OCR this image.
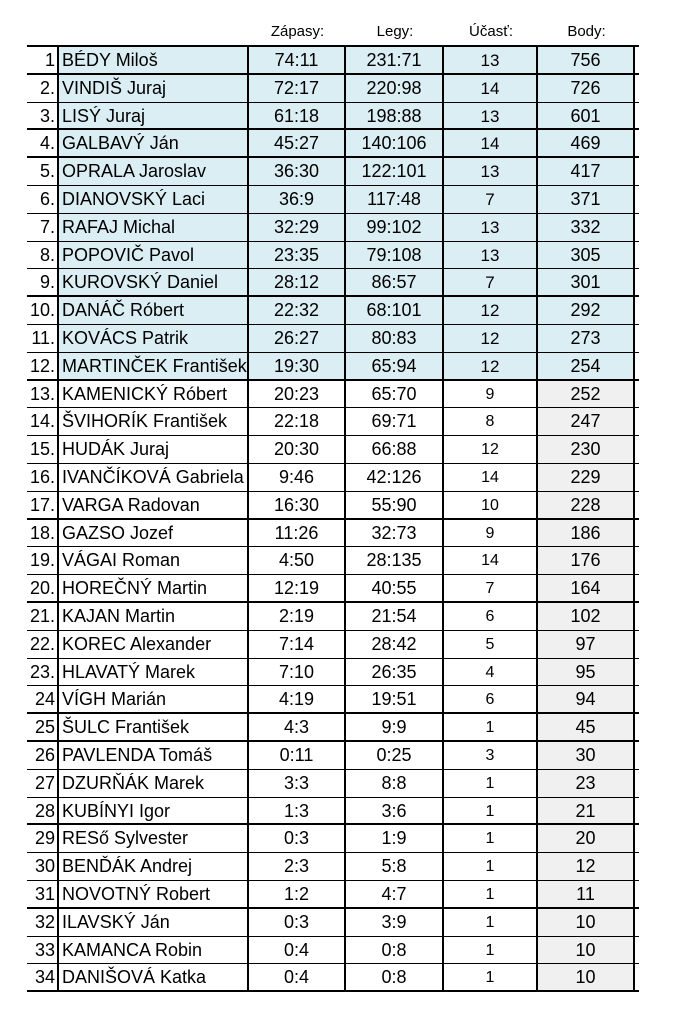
Zápasy:	Legy:	Účasť:	Body:
1 BÉDY Miloš	74:11	231:71	13	756
2. VINDIŠ Juraj	72:17	220:98	14	726
3. LISÝ Juraj	61:18	198:88	13	601
4. GALBAVÝ Ján	45:27	140:106	14	469
5. OPRALA Jaroslav	36:30	122:101	13	417
6. DIANOVSKÝ Laci	36:9	117:48	7	371
7. RAFAJ Michal	32:29	99:102	13	332
8. POPOVIČ Pavol	23:35	79:108	13	305
9. KUROVSKÝ Daniel	28:12	86:57	7	301
10. DANÁČ Róbert	22:32	68:101	12	292
11. KOVÁCS Patrik	26:27	80:83	12	273
12. MARTINČEK František	19:30	65:94	12	254
13. KAMENICKÝ Róbert	20:23	65:70	9	252
14. ŠVIHORÍK František	22:18	69:71	8	247
15. HUDÁK Juraj	20:30	66:88	12	230
16. IVANČÍKOVÁ Gabriela	9:46	42:126	14	229
17. VARGA Radovan	16:30	55:90	10	228
18. GAZSO Jozef	11:26	32:73	9	186
19. VÁGAI Roman	4:50	28:135	14	176
20. HOREČNÝ Martin	12:19	40:55	7	164
21. KAJAN Martin	2:19	21:54	6	102
22. KOREC Alexander	7:14	28:42	5	97
23. HLAVATÝ Marek	7:10	26:35	4	95
24 VÍGH Marián	4:19	19:51	6	94
25 ŠULC František	4:3	9:9	1	45
26 PAVLENDA Tomáš	0:11	0:25	3	30
27 DZURŇÁK Marek	3:3	8:8	1	23
28 KUBÍNYI Igor	1:3	3:6	1	21
29 RESő Sylvester	0:3	1:9	1	20
30 BENĎÁK Andrej	2:3	5:8	1	12
31 NOVOTNÝ Robert	1:2	4:7	1	11
32 ILAVSKÝ Ján	0:3	3:9	1	10
33 KAMANCA Robin	0:4	0:8	1	10
34 DANIŠOVÁ Katka	0:4	0:8	1	10
